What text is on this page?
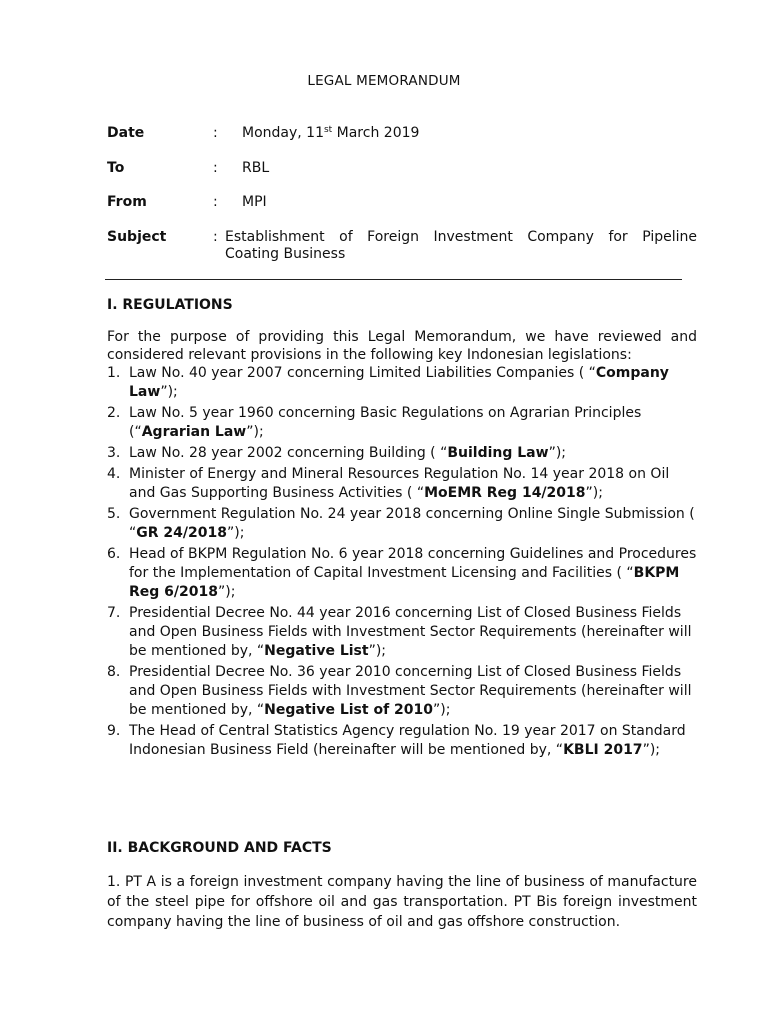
LEGAL MEMORANDUM
Date	: Monday, 11st March 2019
To	: RBL
From	: MPI
Subject	: Establishment of Foreign Investment Company for Pipeline
Coating Business
I. REGULATIONS
For the purpose of providing this Legal Memorandum, we have reviewed and considered relevant provisions in the following key Indonesian legislations:
1. Law No. 40 year 2007 concerning Limited Liabilities Companies ( “Company Law”);
2. Law No. 5 year 1960 concerning Basic Regulations on Agrarian Principles (“Agrarian Law”);
3. Law No. 28 year 2002 concerning Building ( “Building Law”);
4. Minister of Energy and Mineral Resources Regulation No. 14 year 2018 on Oil and Gas Supporting Business Activities ( “MoEMR Reg 14/2018”);
5. Government Regulation No. 24 year 2018 concerning Online Single Submission ( “GR 24/2018”);
6. Head of BKPM Regulation No. 6 year 2018 concerning Guidelines and Procedures for the Implementation of Capital Investment Licensing and Facilities ( “BKPM Reg 6/2018”);
7. Presidential Decree No. 44 year 2016 concerning List of Closed Business Fields and Open Business Fields with Investment Sector Requirements (hereinafter will be mentioned by, “Negative List”);
8. Presidential Decree No. 36 year 2010 concerning List of Closed Business Fields and Open Business Fields with Investment Sector Requirements (hereinafter will be mentioned by, “Negative List of 2010”);
9. The Head of Central Statistics Agency regulation No. 19 year 2017 on Standard Indonesian Business Field (hereinafter will be mentioned by, “KBLI 2017”);
II. BACKGROUND AND FACTS
1. PT A is a foreign investment company having the line of business of manufacture of the steel pipe for offshore oil and gas transportation. PT Bis foreign investment company having the line of business of oil and gas offshore construction.
